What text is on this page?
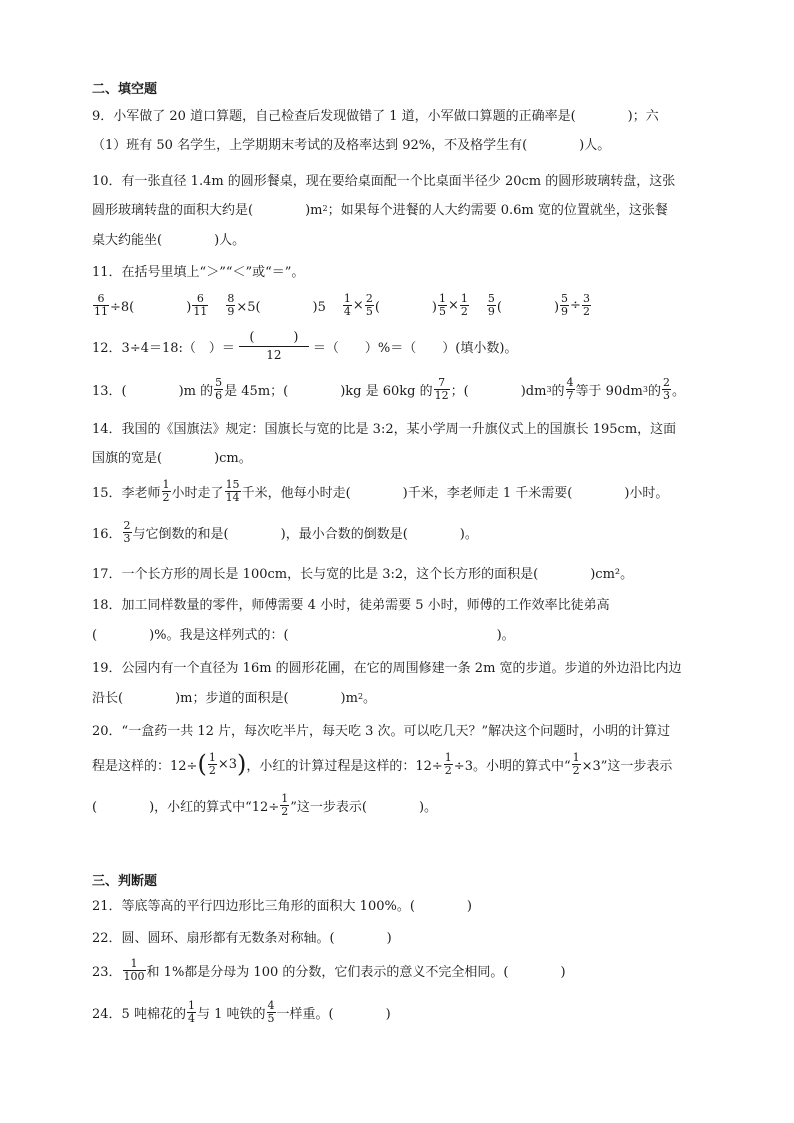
二、填空题
9．小军做了 20 道口算题，自己检查后发现做错了 1 道，小军做口算题的正确率是(　　　　)；六
（1）班有 50 名学生，上学期期末考试的及格率达到 92%，不及格学生有(　　　　)人。
10．有一张直径 1.4m 的圆形餐桌，现在要给桌面配一个比桌面半径少 20cm 的圆形玻璃转盘，这张
圆形玻璃转盘的面积大约是(　　　　)m 2 ；如果每个进餐的人大约需要 0.6m 宽的位置就坐，这张餐
桌大约能坐(　　　　)人。
11．在括号里填上“＞”“＜”或“＝”。
$\frac{6}{11} \div 8$(　　　　) $\frac{6}{11} \frac{8}{9} \times 5$(　　　　)$5 \frac{1}{4} \times \frac{2}{5}$ (　　　　) $\frac{1}{5} \times \frac{1}{2} \frac{5}{9}$ (　　　　) $\frac{5}{9} \div \frac{3}{2}$
12．3÷4＝18:（　）＝ $\frac{( )}{12}$ ＝（　　）%＝（　　）(填小数)。
13．(　　　　)m 的 $\frac{5}{6}$ 是 45m；(　　　　)kg 是 60kg 的 $\frac{7}{12}$ ；(　　　　)dm 3 的 $\frac{4}{7}$ 等于 90dm 3 的 $\frac{2}{3}$ 。
14．我国的《国旗法》规定：国旗长与宽的比是 3:2，某小学周一升旗仪式上的国旗长 195cm，这面
国旗的宽是(　　　　)cm。
15．李老师 $\frac{1}{2}$ 小时走了 $\frac{15}{14}$ 千米，他每小时走(　　　　)千米，李老师走 1 千米需要(　　　　)小时。
16． $\frac{2}{3}$ 与它倒数的和是(　　　　)，最小合数的倒数是(　　　　)。
17．一个长方形的周长是 100cm，长与宽的比是 3:2，这个长方形的面积是(　　　　)cm²。
18．加工同样数量的零件，师傅需要 4 小时，徒弟需要 5 小时，师傅的工作效率比徒弟高
(　　　　)%。我是这样列式的：(　　　　　　　　　　　　　　　　)。
19．公园内有一个直径为 16m 的圆形花圃，在它的周围修建一条 2m 宽的步道。步道的外边沿比内边
沿长(　　　　)m；步道的面积是(　　　　)m 2 。
20．“一盒药一共 12 片，每次吃半片，每天吃 3 次。可以吃几天？”解决这个问题时，小明的计算过
程是这样的：12÷ ( $\frac{1}{2} \times 3$ ) ，小红的计算过程是这样的：$12\div \frac{1}{2} \div 3$。小明的算式中“ $\frac{1}{2} \times 3$”这一步表示
(　　　　)，小红的算式中“$12\div \frac{1}{2}$ ”这一步表示(　　　　)。
三、判断题
21．等底等高的平行四边形比三角形的面积大 100%。(　　　　)
22．圆、圆环、扇形都有无数条对称轴。(　　　　)
23． $\frac{1}{100}$ 和 1%都是分母为 100 的分数，它们表示的意义不完全相同。(　　　　)
24．5 吨棉花的 $\frac{1}{4}$ 与 1 吨铁的 $\frac{4}{5}$ 一样重。(　　　　)
